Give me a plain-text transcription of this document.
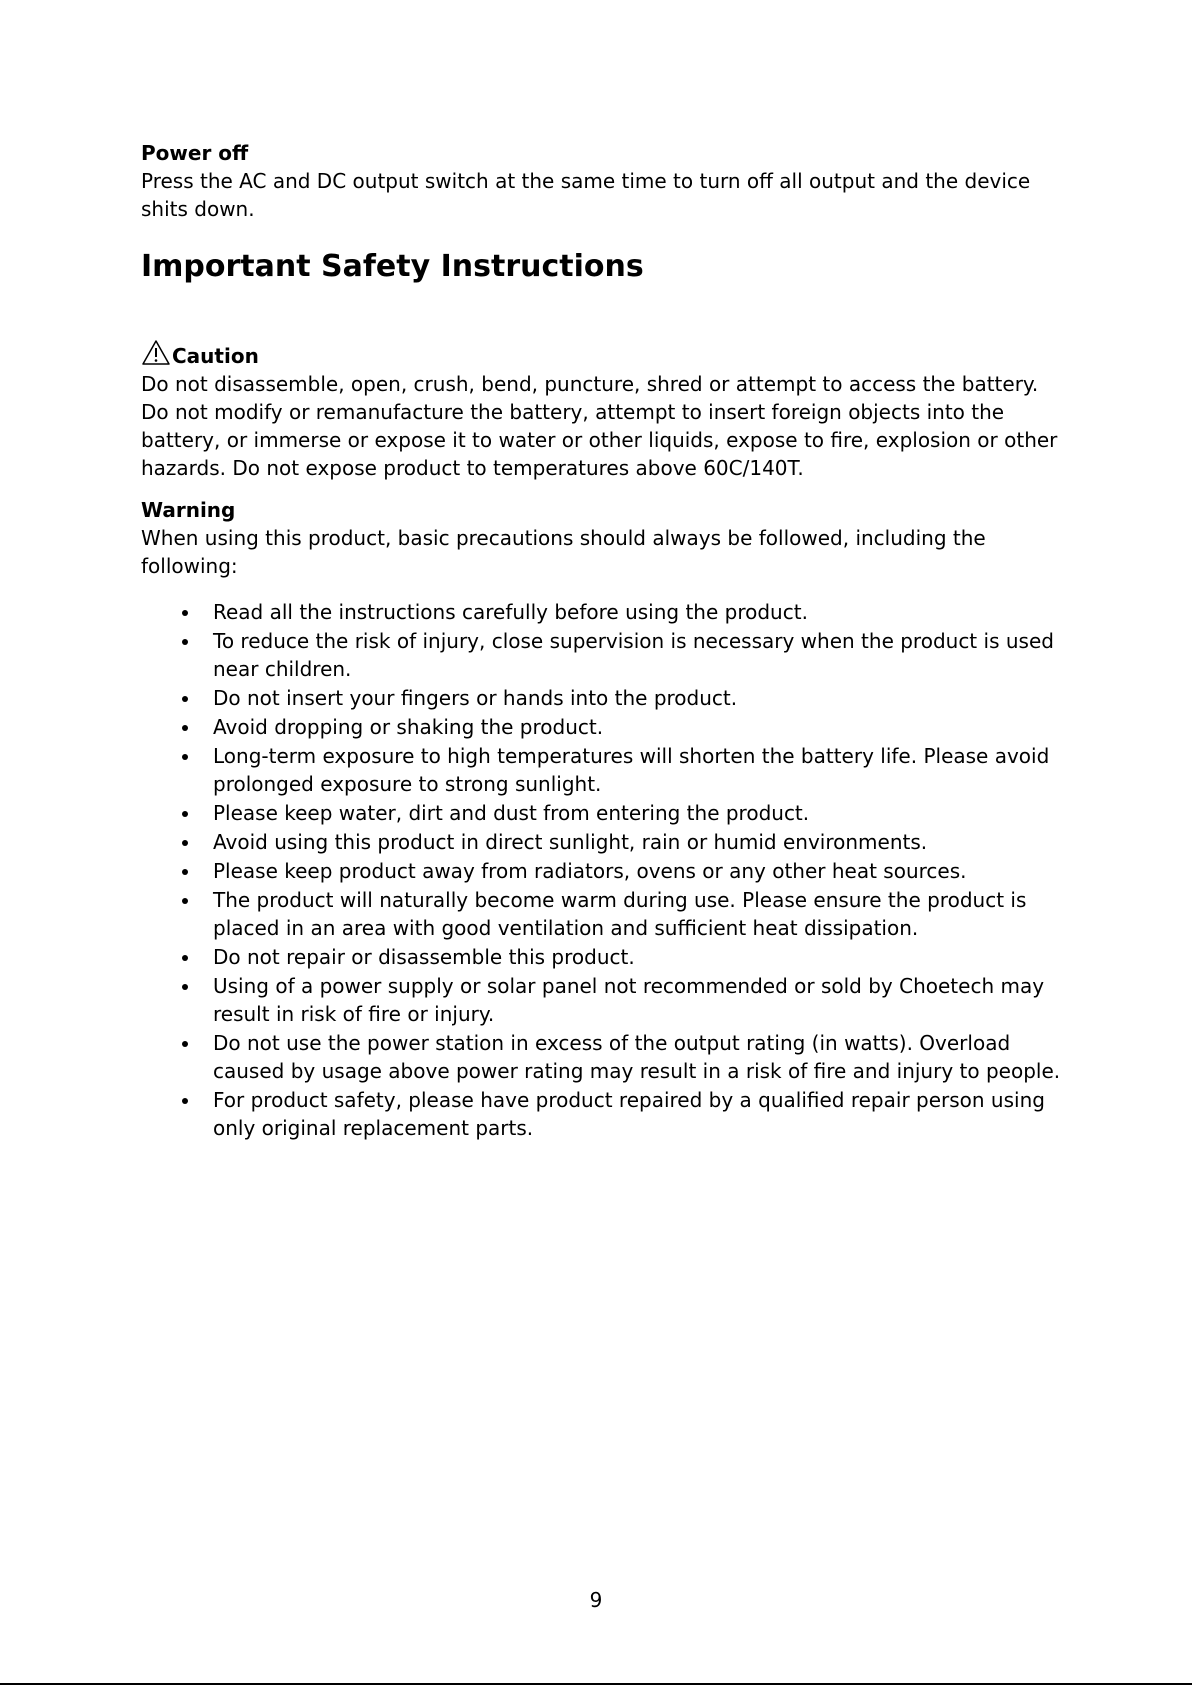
Power off

Press the AC and DC output switch at the same time to turn off all output and the device shits down.

Important Safety Instructions
Caution

Do not disassemble, open, crush, bend, puncture, shred or attempt to access the battery. Do not modify or remanufacture the battery, attempt to insert foreign objects into the battery, or immerse or expose it to water or other liquids, expose to fire, explosion or other hazards. Do not expose product to temperatures above 60C/140T.

Warning

When using this product, basic precautions should always be followed, including the following:

Read all the instructions carefully before using the product.
To reduce the risk of injury, close supervision is necessary when the product is used near children.
Do not insert your fingers or hands into the product.
Avoid dropping or shaking the product.
Long-term exposure to high temperatures will shorten the battery life. Please avoid prolonged exposure to strong sunlight.
Please keep water, dirt and dust from entering the product.
Avoid using this product in direct sunlight, rain or humid environments.
Please keep product away from radiators, ovens or any other heat sources.
The product will naturally become warm during use. Please ensure the product is placed in an area with good ventilation and sufficient heat dissipation.
Do not repair or disassemble this product.
Using of a power supply or solar panel not recommended or sold by Choetech may result in risk of fire or injury.
Do not use the power station in excess of the output rating (in watts). Overload caused by usage above power rating may result in a risk of fire and injury to people.
For product safety, please have product repaired by a qualified repair person using only original replacement parts.
9
